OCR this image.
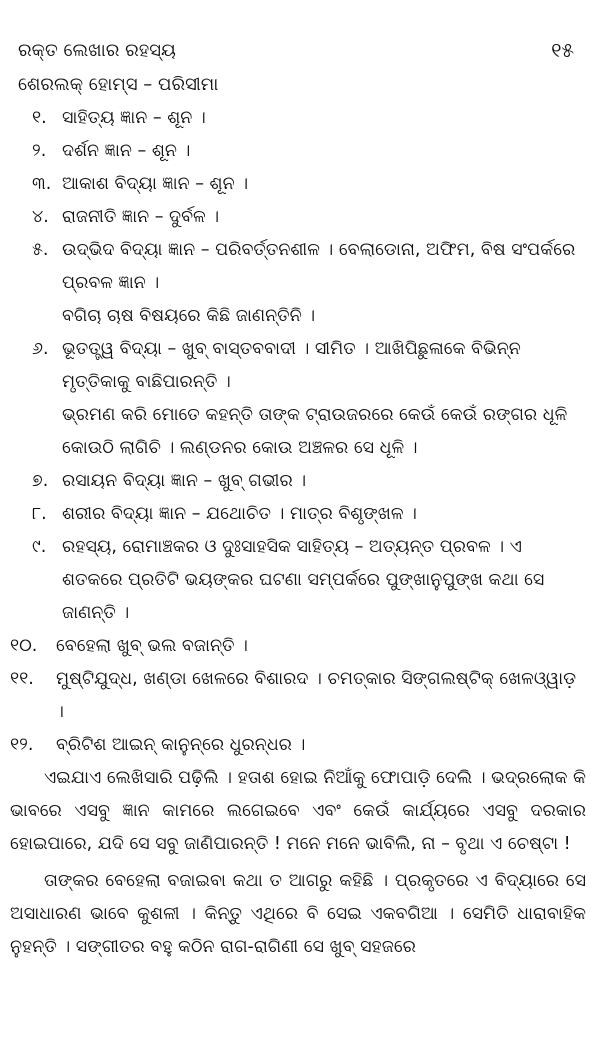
ରକ୍ତ ଲେଖାର ରହସ୍ୟ	୧୫
ଶେରଲକ୍ ହୋମ୍ସ – ପରିସୀମା
୧. ସାହିତ୍ୟ ଜ୍ଞାନ – ଶୂନ ।

୨. ଦର୍ଶନ ଜ୍ଞାନ – ଶୂନ ।

୩. ଆକାଶ ବିଦ୍ୟା ଜ୍ଞାନ – ଶୂନ ।

୪. ରାଜନୀତି ଜ୍ଞାନ – ଦୁର୍ବଳ ।

୫. ଉଦ୍ଭିଦ ବିଦ୍ୟା ଜ୍ଞାନ – ପରିବର୍ତ୍ତନଶୀଳ । ବେଲାଡୋନା, ଅଫିମ, ବିଷ ସଂପର୍କରେ ପ୍ରବଳ ଜ୍ଞାନ ।

ବଗିଚା ଚାଷ ବିଷୟରେ କିଛି ଜାଣନ୍ତିନି ।

୬. ଭୂତତ୍ତ୍ୱ ବିଦ୍ୟା – ଖୁବ୍ ବାସ୍ତବବାଦୀ । ସୀମିତ । ଆଖିପିଛୁଳାକେ ବିଭିନ୍ନ ମୃତ୍ତିକାକୁ ବାଛିପାରନ୍ତି ।

ଭ୍ରମଣ କରି ମୋତେ କହନ୍ତି ତାଙ୍କ ଟ୍ରାଉଜରରେ କେଉଁ କେଉଁ ରଙ୍ଗର ଧୂଳି କୋଉଠି ଲାଗିଚି । ଲଣ୍ଡନର କୋଉ ଅଞ୍ଚଳର ସେ ଧୂଳି ।

୭. ରସାୟନ ବିଦ୍ୟା ଜ୍ଞାନ – ଖୁବ୍ ଗଭୀର ।

୮. ଶରୀର ବିଦ୍ୟା ଜ୍ଞାନ – ଯଥୋଚିତ । ମାତ୍ର ବିଶୃଙ୍ଖଳ ।

୯. ରହସ୍ୟ, ରୋମାଞ୍ଚକର ଓ ଦୁଃସାହସିକ ସାହିତ୍ୟ – ଅତ୍ୟନ୍ତ ପ୍ରବଳ । ଏ ଶତକରେ ପ୍ରତିଟି ଭୟଙ୍କର ଘଟଣା ସମ୍ପର୍କରେ ପୁଙ୍ଖାନୁପୁଙ୍ଖ କଥା ସେ ଜାଣନ୍ତି ।

୧୦.	ବେହେଲା ଖୁବ୍ ଭଲ ବଜାନ୍ତି ।

୧୧.	ମୁଷ୍ଟିଯୁଦ୍ଧ, ଖଣ୍ଡା ଖେଳରେ ବିଶାରଦ । ଚମତ୍କାର ସିଙ୍ଗଲଷ୍ଟିକ୍ ଖେଳଓ୍ୱାଡ଼ ।

୧୨.	ବ୍ରିଟିଶ ଆଇନ୍ କାନୁନ୍‌ରେ ଧୁରନ୍ଧର ।

ଏଇଯାଏ ଲେଖିସାରି ପଢ଼ିଲି । ହତାଶ ହୋଇ ନିଆଁକୁ ଫୋପାଡ଼ି ଦେଲି । ଭଦ୍ରଲୋକ କି ଭାବରେ ଏସବୁ ଜ୍ଞାନ କାମରେ ଲଗେଇବେ ଏବଂ କେଉଁ କାର୍ଯ୍ୟରେ ଏସବୁ ଦରକାର ହୋଇପାରେ, ଯଦି ସେ ସବୁ ଜାଣିପାରନ୍ତି ! ମନେ ମନେ ଭାବିଲି, ନା – ବୃଥା ଏ ଚେଷ୍ଟା !

ତାଙ୍କର ବେହେଲା ବଜାଇବା କଥା ତ ଆଗରୁ କହିଛି । ପ୍ରକୃତରେ ଏ ବିଦ୍ୟାରେ ସେ ଅସାଧାରଣ ଭାବେ କୁଶଳୀ । କିନ୍ତୁ ଏଥିରେ ବି ସେଇ ଏକବଗିଆ । ସେମିତି ଧାରାବାହିକ ନୁହନ୍ତି । ସଙ୍ଗୀତର ବହୁ କଠିନ ରାଗ-ରାଗିଣୀ ସେ ଖୁବ୍ ସହଜରେ
